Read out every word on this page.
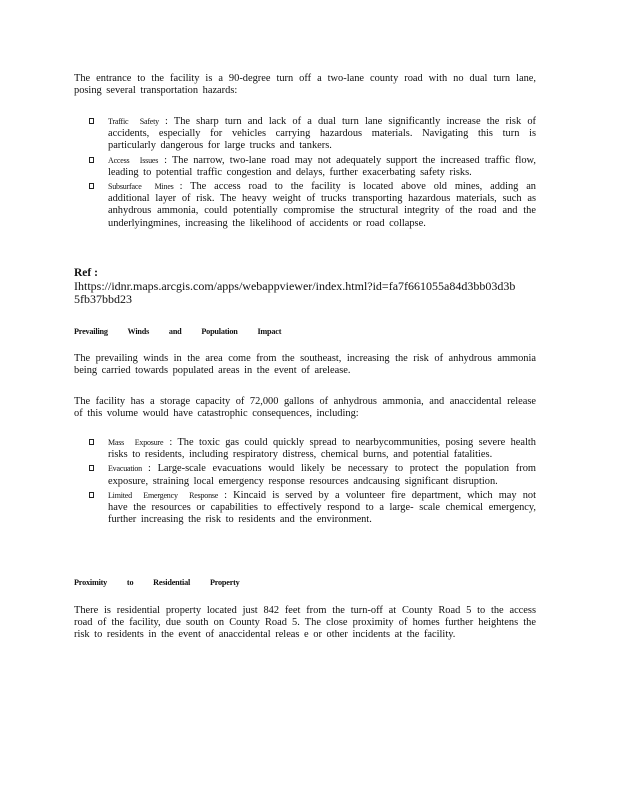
The entrance to the facility is a 90-degree turn off a two-lane county road with no dual turn lane, posing several transportation hazards:

Traffic Safety : The sharp turn and lack of a dual turn lane significantly increase the risk of accidents, especially for vehicles carrying hazardous materials. Navigating this turn is particularly dangerous for large trucks and tankers.
Access Issues : The narrow, two-lane road may not adequately support the increased traffic flow, leading to potential traffic congestion and delays, further exacerbating safety risks.
Subsurface Mines : The access road to the facility is located above old mines, adding an additional layer of risk. The heavy weight of trucks transporting hazardous materials, such as anhydrous ammonia, could potentially compromise the structural integrity of the road and the underlyingmines, increasing the likelihood of accidents or road collapse.
Ref :
Ihttps://idnr.maps.arcgis.com/apps/webappviewer/index.html?id=fa7f661055a84d3bb03d3b 5fb37bbd23
Prevailing Winds and Population Impact

The prevailing winds in the area come from the southeast, increasing the risk of anhydrous ammonia being carried towards populated areas in the event of arelease.

The facility has a storage capacity of 72,000 gallons of anhydrous ammonia, and anaccidental release of this volume would have catastrophic consequences, including:

Mass Exposure : The toxic gas could quickly spread to nearbycommunities, posing severe health risks to residents, including respiratory distress, chemical burns, and potential fatalities.
Evacuation : Large-scale evacuations would likely be necessary to protect the population from exposure, straining local emergency response resources andcausing significant disruption.
Limited Emergency Response : Kincaid is served by a volunteer fire department, which may not have the resources or capabilities to effectively respond to a large- scale chemical emergency, further increasing the risk to residents and the environment.
Proximity to Residential Property

There is residential property located just 842 feet from the turn-off at County Road 5 to the access road of the facility, due south on County Road 5. The close proximity of homes further heightens the risk to residents in the event of anaccidental releas e or other incidents at the facility.
